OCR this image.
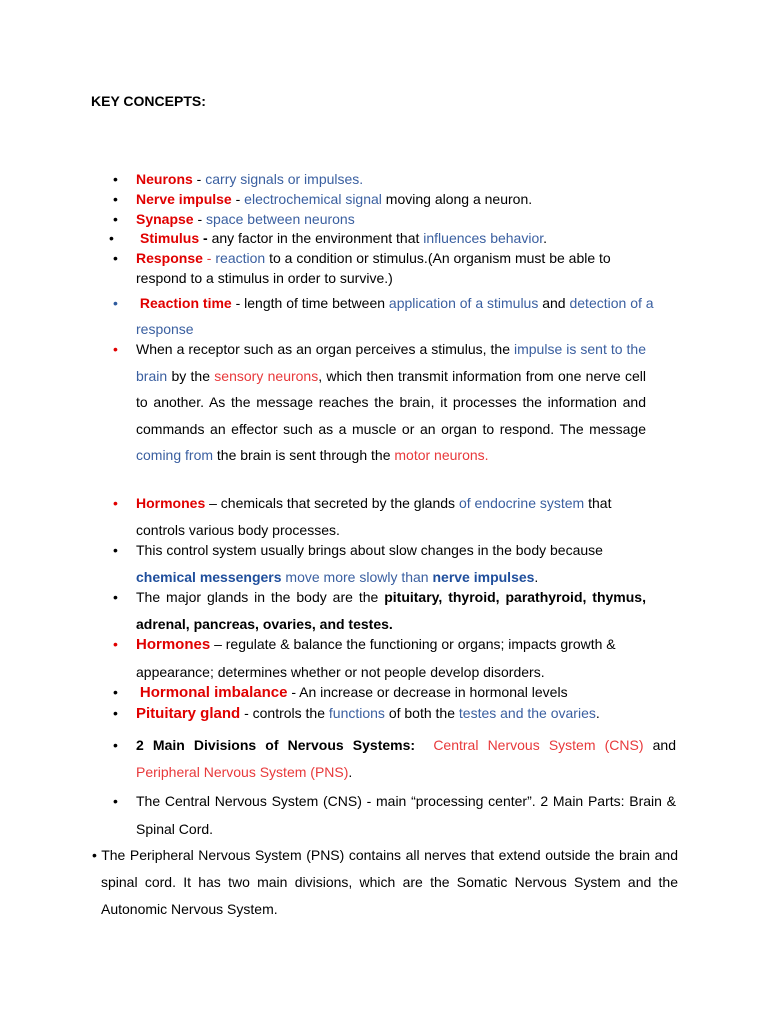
KEY CONCEPTS:
• Neurons - carry signals or impulses.
• Nerve impulse - electrochemical signal moving along a neuron.
• Synapse - space between neurons
• Stimulus - any factor in the environment that influences behavior.
• Response - reaction to a condition or stimulus.(An organism must be able to respond to a stimulus in order to survive.)
• Reaction time - length of time between application of a stimulus and detection of a response
• When a receptor such as an organ perceives a stimulus, the impulse is sent to the brain by the sensory neurons, which then transmit information from one nerve cell to another. As the message reaches the brain, it processes the information and commands an effector such as a muscle or an organ to respond. The message coming from the brain is sent through the motor neurons.
• Hormones – chemicals that secreted by the glands of endocrine system that controls various body processes.
• This control system usually brings about slow changes in the body because chemical messengers move more slowly than nerve impulses.
• The major glands in the body are the pituitary, thyroid, parathyroid, thymus, adrenal, pancreas, ovaries, and testes.
• Hormones – regulate & balance the functioning or organs; impacts growth & appearance; determines whether or not people develop disorders.
• Hormonal imbalance - An increase or decrease in hormonal levels
• Pituitary gland - controls the functions of both the testes and the ovaries.
• 2 Main Divisions of Nervous Systems: Central Nervous System (CNS) and Peripheral Nervous System (PNS).
• The Central Nervous System (CNS) - main “processing center”. 2 Main Parts: Brain & Spinal Cord.
• The Peripheral Nervous System (PNS) contains all nerves that extend outside the brain and spinal cord. It has two main divisions, which are the Somatic Nervous System and the Autonomic Nervous System.
